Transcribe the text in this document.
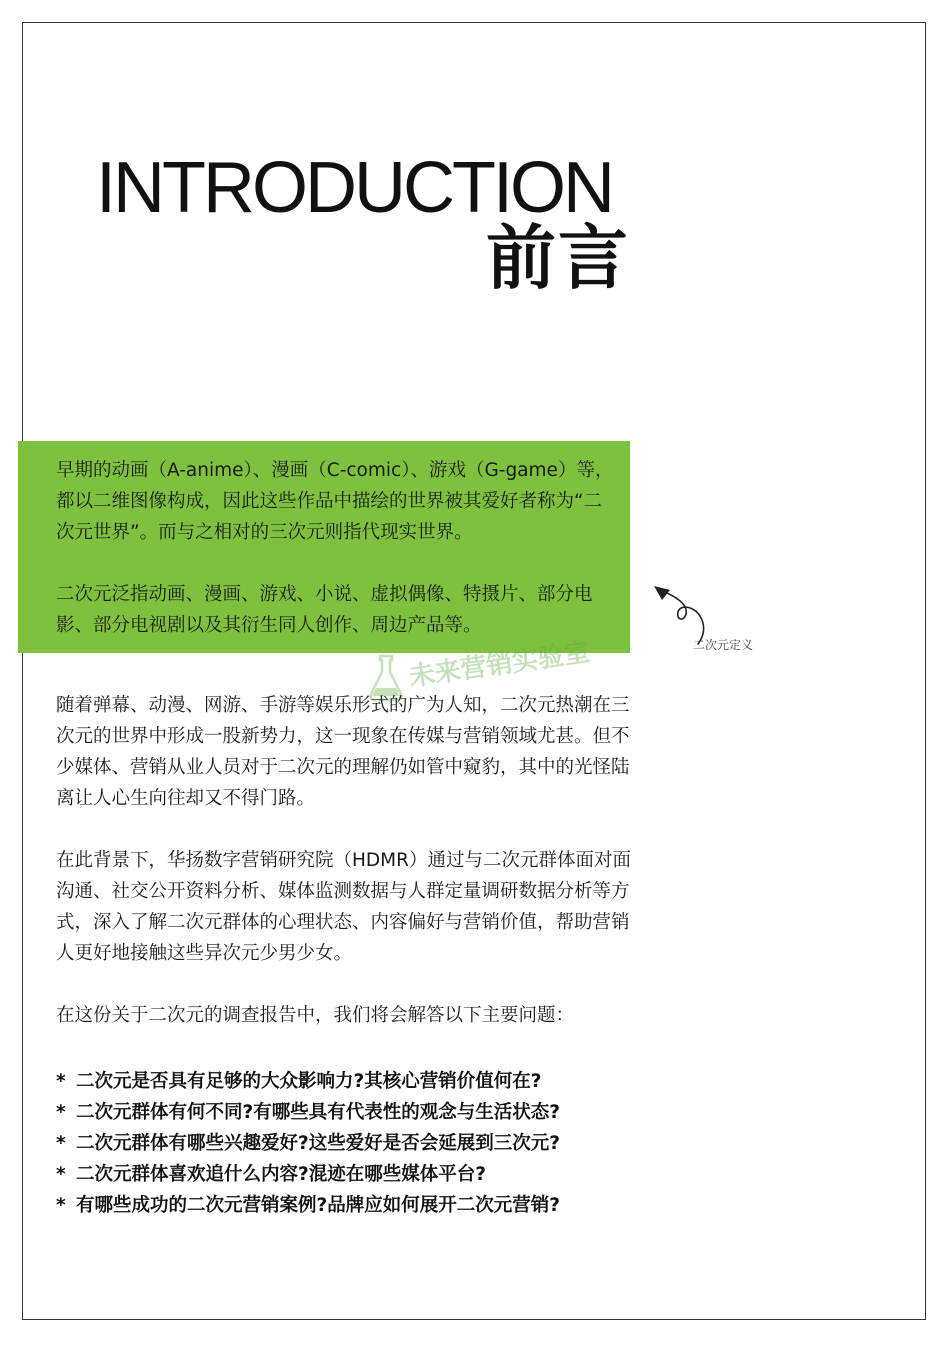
INTRODUCTION
前言

早期的动画（A-anime）、漫画（C-comic）、游戏（G-game）等，都以二维图像构成，因此这些作品中描绘的世界被其爱好者称为“二次元世界”。而与之相对的三次元则指代现实世界。

二次元泛指动画、漫画、游戏、小说、虚拟偶像、特摄片、部分电影、部分电视剧以及其衍生同人创作、周边产品等。

二次元定义
未来营销实验室

随着弹幕、动漫、网游、手游等娱乐形式的广为人知，二次元热潮在三次元的世界中形成一股新势力，这一现象在传媒与营销领域尤甚。但不少媒体、营销从业人员对于二次元的理解仍如管中窥豹，其中的光怪陆离让人心生向往却又不得门路。

在此背景下，华扬数字营销研究院（HDMR）通过与二次元群体面对面沟通、社交公开资料分析、媒体监测数据与人群定量调研数据分析等方式，深入了解二次元群体的心理状态、内容偏好与营销价值，帮助营销人更好地接触这些异次元少男少女。

在这份关于二次元的调查报告中，我们将会解答以下主要问题：

* 二次元是否具有足够的大众影响力?其核心营销价值何在?
* 二次元群体有何不同?有哪些具有代表性的观念与生活状态?
* 二次元群体有哪些兴趣爱好?这些爱好是否会延展到三次元?
* 二次元群体喜欢追什么内容?混迹在哪些媒体平台?
* 有哪些成功的二次元营销案例?品牌应如何展开二次元营销?
